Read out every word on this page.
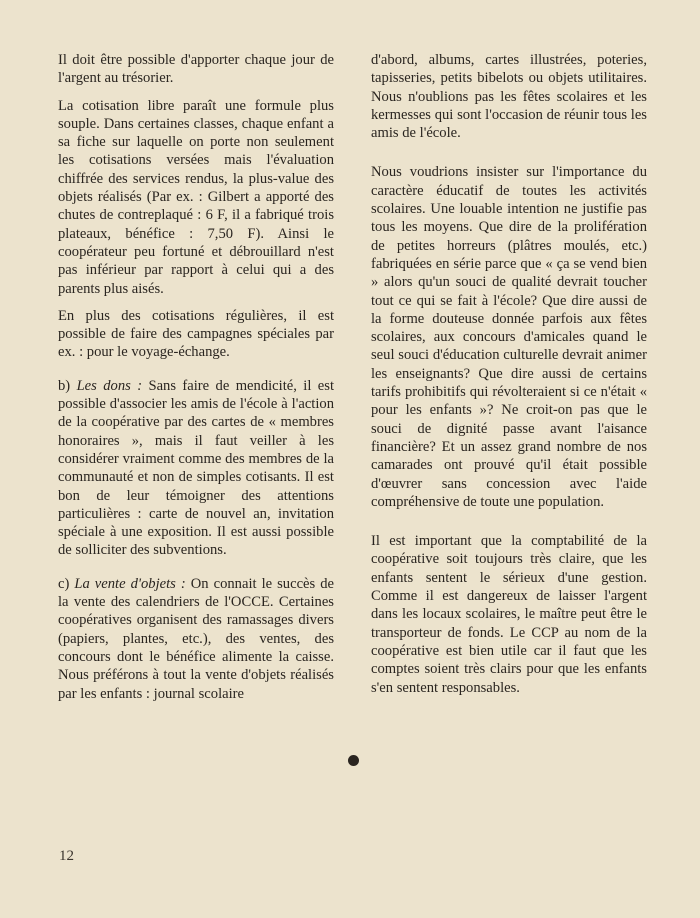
Il doit être possible d'apporter chaque jour de l'argent au trésorier.

La cotisation libre paraît une formule plus souple. Dans certaines classes, chaque enfant a sa fiche sur laquelle on porte non seulement les cotisations versées mais l'évaluation chiffrée des services rendus, la plus-value des objets réalisés (Par ex. : Gilbert a apporté des chutes de contreplaqué : 6 F, il a fabriqué trois plateaux, bénéfice : 7,50 F). Ainsi le coopérateur peu fortuné et débrouillard n'est pas inférieur par rapport à celui qui a des parents plus aisés.

En plus des cotisations régulières, il est possible de faire des campagnes spéciales par ex. : pour le voyage-échange.

b) Les dons : Sans faire de mendicité, il est possible d'associer les amis de l'école à l'action de la coopérative par des cartes de « membres honoraires », mais il faut veiller à les considérer vraiment comme des membres de la communauté et non de simples cotisants. Il est bon de leur témoigner des attentions particulières : carte de nouvel an, invitation spéciale à une exposition. Il est aussi possible de solliciter des subventions.

c) La vente d'objets : On connait le succès de la vente des calendriers de l'OCCE. Certaines coopératives organisent des ramassages divers (papiers, plantes, etc.), des ventes, des concours dont le bénéfice alimente la caisse. Nous préférons à tout la vente d'objets réalisés par les enfants : journal scolaire

d'abord, albums, cartes illustrées, poteries, tapisseries, petits bibelots ou objets utilitaires. Nous n'oublions pas les fêtes scolaires et les kermesses qui sont l'occasion de réunir tous les amis de l'école.

Nous voudrions insister sur l'importance du caractère éducatif de toutes les activités scolaires. Une louable intention ne justifie pas tous les moyens. Que dire de la prolifération de petites horreurs (plâtres moulés, etc.) fabriquées en série parce que « ça se vend bien » alors qu'un souci de qualité devrait toucher tout ce qui se fait à l'école? Que dire aussi de la forme douteuse donnée parfois aux fêtes scolaires, aux concours d'amicales quand le seul souci d'éducation culturelle devrait animer les enseignants? Que dire aussi de certains tarifs prohibitifs qui révolteraient si ce n'était « pour les enfants »? Ne croit-on pas que le souci de dignité passe avant l'aisance financière? Et un assez grand nombre de nos camarades ont prouvé qu'il était possible d'œuvrer sans concession avec l'aide compréhensive de toute une population.

Il est important que la comptabilité de la coopérative soit toujours très claire, que les enfants sentent le sérieux d'une gestion. Comme il est dangereux de laisser l'argent dans les locaux scolaires, le maître peut être le transporteur de fonds. Le CCP au nom de la coopérative est bien utile car il faut que les comptes soient très clairs pour que les enfants s'en sentent responsables.

12
